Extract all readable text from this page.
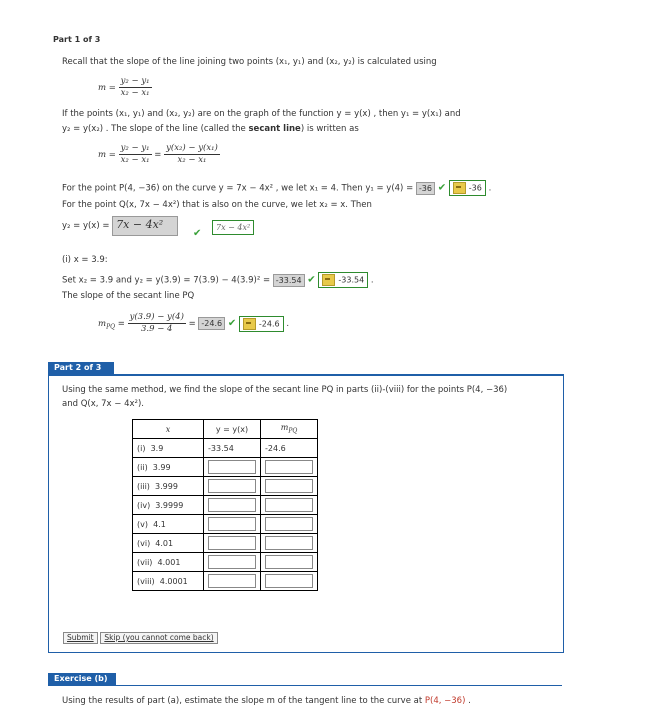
Part 1 of 3
Recall that the slope of the line joining two points (x₁, y₁) and (x₂, y₂) is calculated using
$m = \frac{\text{y₂ − y₁}}{\text{x₂ − x₁}}$
If the points (x₁, y₁) and (x₂, y₂) are on the graph of the function y = y(x) , then y₁ = y(x₁) and
y₂ = y(x₂) . The slope of the line (called the secant line) is written as
$m = \frac{\text{y₂ − y₁}}{\text{x₂ − x₁}} = \frac{\text{y(x₂) − y(x₁)}}{\text{x₂ − x₁}}$
For the point P(4, −36) on the curve y = 7x − 4x² , we let x₁ = 4. Then y₁ = y(4) = -36 ✔	-36 .
For the point Q(x, 7x − 4x²) that is also on the curve, we let x₂ = x. Then
y₂ = y(x) = 7x − 4x²
✔
7x − 4x²
(i) x = 3.9:
Set x₂ = 3.9 and y₂ = y(3.9) = 7(3.9) − 4(3.9)² = -33.54 ✔	-33.54 .
The slope of the secant line PQ
$m_{PQ} = \frac{y(3.9) - y(4)}{3.9 - 4} = -24.6$ ✔	-24.6 .
Part 2 of 3
Using the same method, we find the slope of the secant line PQ in parts (ii)-(viii) for the points P(4, −36)
and Q(x, 7x − 4x²).
x	y = y(x)	$m_{PQ}$
(i) 3.9	-33.54	-24.6
(ii) 3.99	

(iii) 3.999	

(iv) 3.9999	

(v) 4.1	

(vi) 4.01	

(vii) 4.001	

(viii) 4.0001	

Submit Skip (you cannot come back)
Exercise (b)
Using the results of part (a), estimate the slope m of the tangent line to the curve at P(4, −36) .
